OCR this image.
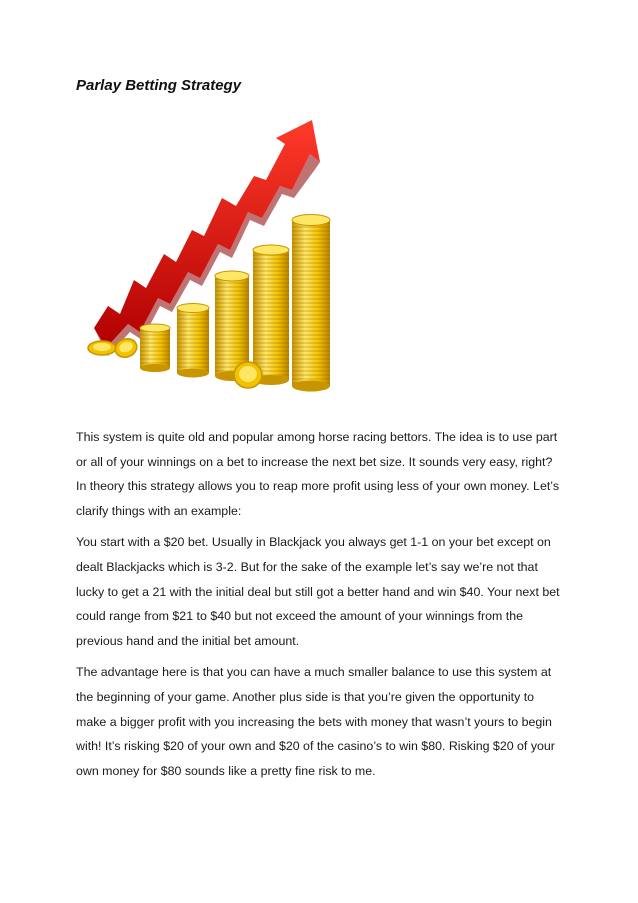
Parlay Betting Strategy

This system is quite old and popular among horse racing bettors. The idea is to use part or all of your winnings on a bet to increase the next bet size. It sounds very easy, right? In theory this strategy allows you to reap more profit using less of your own money. Let’s clarify things with an example:

You start with a $20 bet. Usually in Blackjack you always get 1-1 on your bet except on dealt Blackjacks which is 3-2. But for the sake of the example let’s say we’re not that lucky to get a 21 with the initial deal but still got a better hand and win $40. Your next bet could range from $21 to $40 but not exceed the amount of your winnings from the previous hand and the initial bet amount.

The advantage here is that you can have a much smaller balance to use this system at the beginning of your game. Another plus side is that you’re given the opportunity to make a bigger profit with you increasing the bets with money that wasn’t yours to begin with! It’s risking $20 of your own and $20 of the casino’s to win $80. Risking $20 of your own money for $80 sounds like a pretty fine risk to me.
